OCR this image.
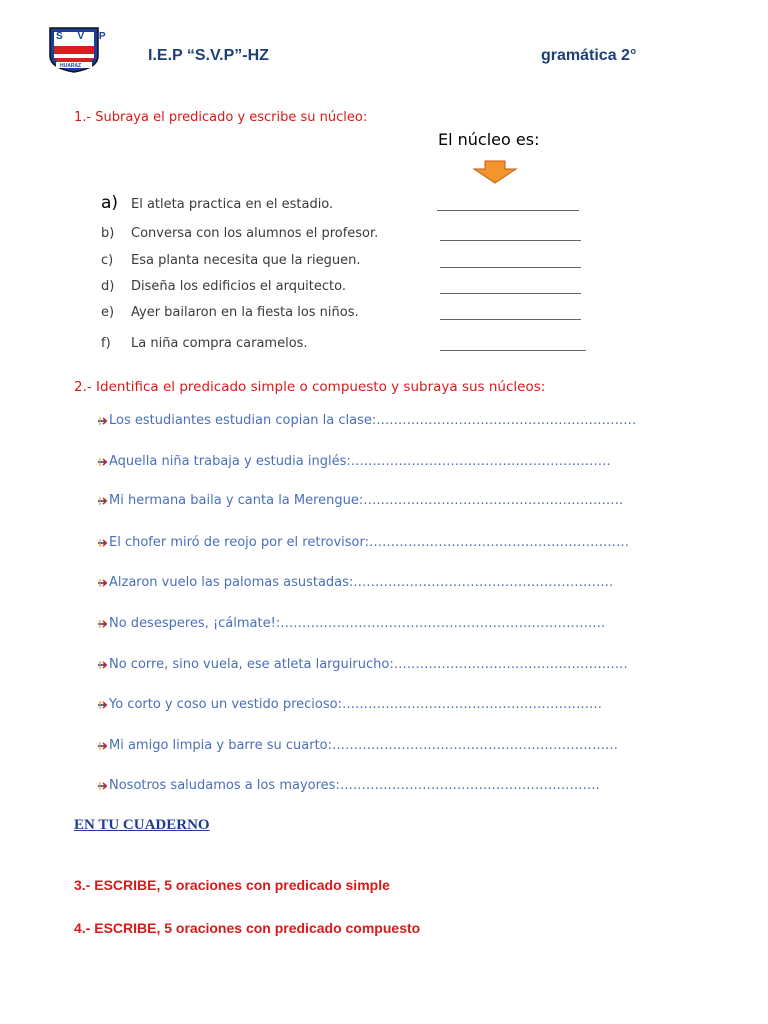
S V P
HUARAZ
I.E.P “S.V.P”-HZ	gramática 2°
1.- Subraya el predicado y escribe su núcleo:
El núcleo es:
a) El atleta practica en el estadio.
b) Conversa con los alumnos el profesor.
c) Esa planta necesita que la rieguen.
d) Diseña los edificios el arquitecto.
e) Ayer bailaron en la fiesta los niños.
f) La niña compra caramelos.
2.- Identifica el predicado simple o compuesto y subraya sus núcleos:
Los estudiantes estudian copian la clase:……………………………………………………
Aquella niña trabaja y estudia inglés:……………………………………………………
Mi hermana baila y canta la Merengue:……………………………………………………
El chofer miró de reojo por el retrovisor:……………………………………………………
Alzaron vuelo las palomas asustadas:……………………………………………………
No desesperes, ¡cálmate!:…………………………………………………………………
No corre, sino vuela, ese atleta larguirucho:………………………………………………
Yo corto y coso un vestido precioso:……………………………………………………
Mi amigo limpia y barre su cuarto:…………………………………………………………
Nosotros saludamos a los mayores:……………………………………………………
EN TU CUADERNO
3.- ESCRIBE, 5 oraciones con predicado simple
4.- ESCRIBE, 5 oraciones con predicado compuesto
